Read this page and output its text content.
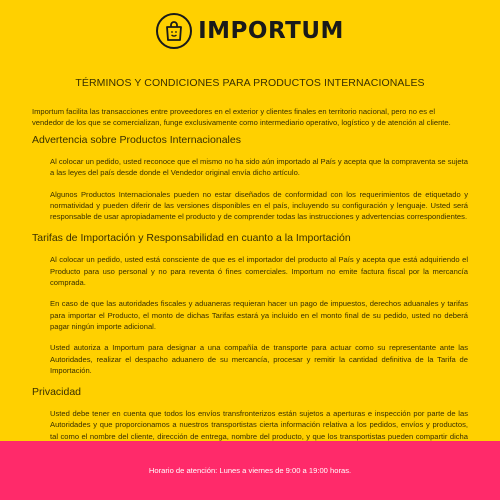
IMPORTUM
TÉRMINOS Y CONDICIONES PARA PRODUCTOS INTERNACIONALES

Importum facilita las transacciones entre proveedores en el exterior y clientes finales en territorio nacional, pero no es el vendedor de los que se comercializan, funge exclusivamente como intermediario operativo, logístico y de atención al cliente.

Advertencia sobre Productos Internacionales

Al colocar un pedido, usted reconoce que el mismo no ha sido aún importado al País y acepta que la compraventa se sujeta a las leyes del país desde donde el Vendedor original envía dicho artículo.

Algunos Productos Internacionales pueden no estar diseñados de conformidad con los requerimientos de etiquetado y normatividad y pueden diferir de las versiones disponibles en el país, incluyendo su configuración y lenguaje. Usted será responsable de usar apropiadamente el producto y de comprender todas las instrucciones y advertencias correspondientes.

Tarifas de Importación y Responsabilidad en cuanto a la Importación

Al colocar un pedido, usted está consciente de que es el importador del producto al País y acepta que está adquiriendo el Producto para uso personal y no para reventa ó fines comerciales. Importum no emite factura fiscal por la mercancía comprada.

En caso de que las autoridades fiscales y aduaneras requieran hacer un pago de impuestos, derechos aduanales y tarifas para importar el Producto, el monto de dichas Tarifas estará ya incluido en el monto final de su pedido, usted no deberá pagar ningún importe adicional.

Usted autoriza a Importum para designar a una compañía de transporte para actuar como su representante ante las Autoridades, realizar el despacho aduanero de su mercancía, procesar y remitir la cantidad definitiva de la Tarifa de Importación.

Privacidad

Usted debe tener en cuenta que todos los envíos transfronterizos están sujetos a aperturas e inspección por parte de las Autoridades y que proporcionamos a nuestros transportistas cierta información relativa a los pedidos, envíos y productos, tal como el nombre del cliente, dirección de entrega, nombre del producto, y que los transportistas pueden compartir dicha

Horario de atención: Lunes a viernes de 9:00 a 19:00 horas.
